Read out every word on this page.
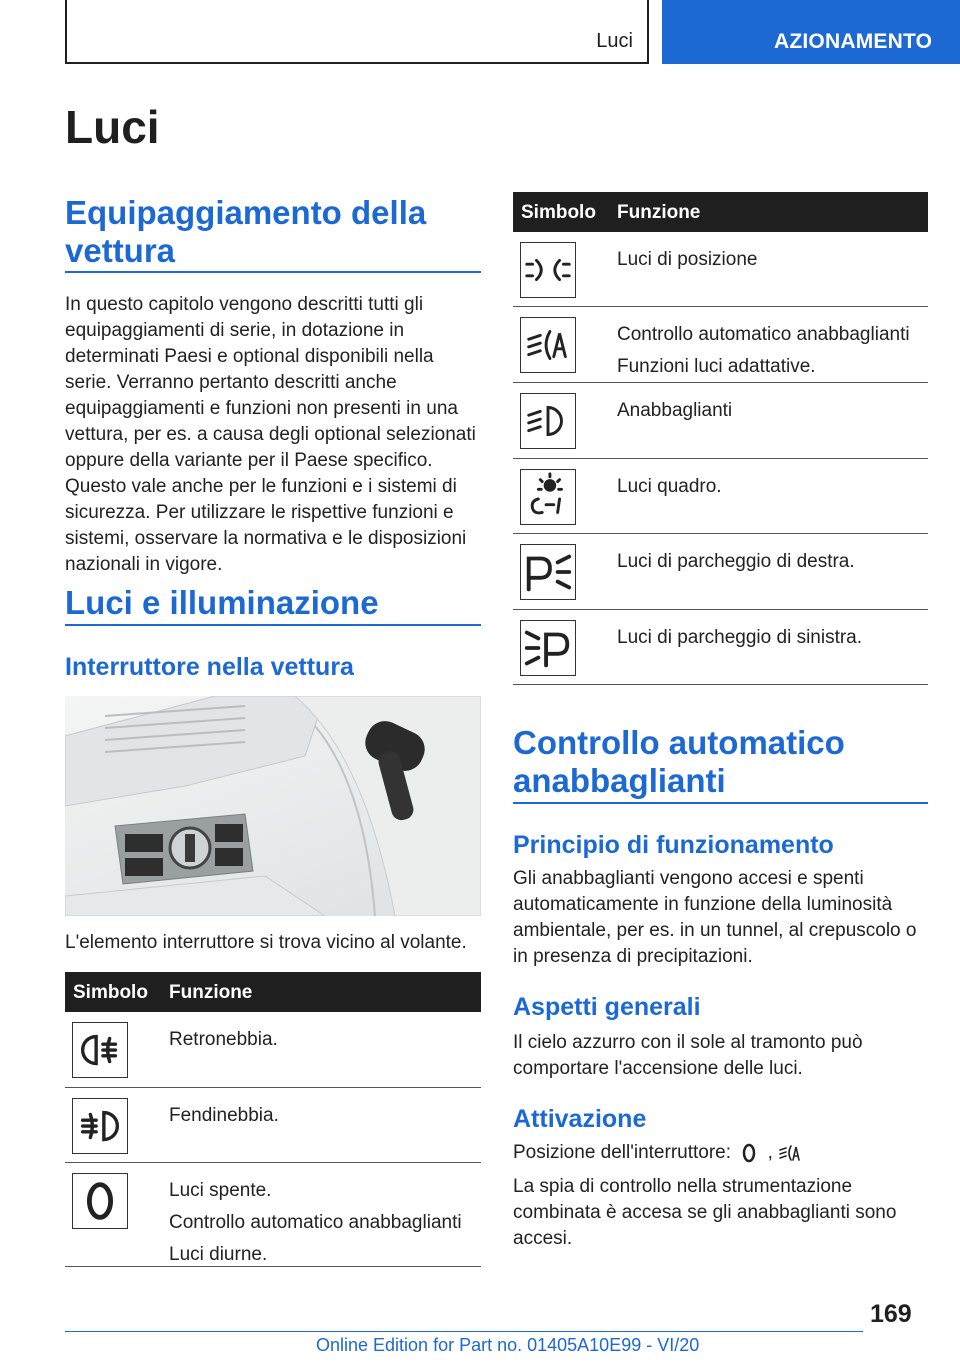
Luci	AZIONAMENTO
Luci
Equipaggiamento della vettura
In questo capitolo vengono descritti tutti gli equipaggiamenti di serie, in dotazione in determinati Paesi e optional disponibili nella serie. Verranno pertanto descritti anche equipaggiamenti e funzioni non presenti in una vettura, per es. a causa degli optional selezionati oppure della variante per il Paese specifico. Questo vale anche per le funzioni e i sistemi di sicurezza. Per utilizzare le rispettive funzioni e sistemi, osservare la normativa e le disposizioni nazionali in vigore.
Luci e illuminazione
Interruttore nella vettura
L'elemento interruttore si trova vicino al volante.
Simbolo Funzione
Retronebbia.
Fendinebbia.
Luci spente.
Controllo automatico anabbaglianti
Luci diurne.
Simbolo Funzione
Luci di posizione
Controllo automatico anabbaglianti
Funzioni luci adattative.
Anabbaglianti
Luci quadro.
Luci di parcheggio di destra.
Luci di parcheggio di sinistra.
Controllo automatico anabbaglianti
Principio di funzionamento
Gli anabbaglianti vengono accesi e spenti automaticamente in funzione della luminosità ambientale, per es. in un tunnel, al crepuscolo o in presenza di precipitazioni.
Aspetti generali
Il cielo azzurro con il sole al tramonto può comportare l'accensione delle luci.
Attivazione
Posizione dell'interruttore: ,
La spia di controllo nella strumentazione combinata è accesa se gli anabbaglianti sono accesi.
169
Online Edition for Part no. 01405A10E99 - VI/20
